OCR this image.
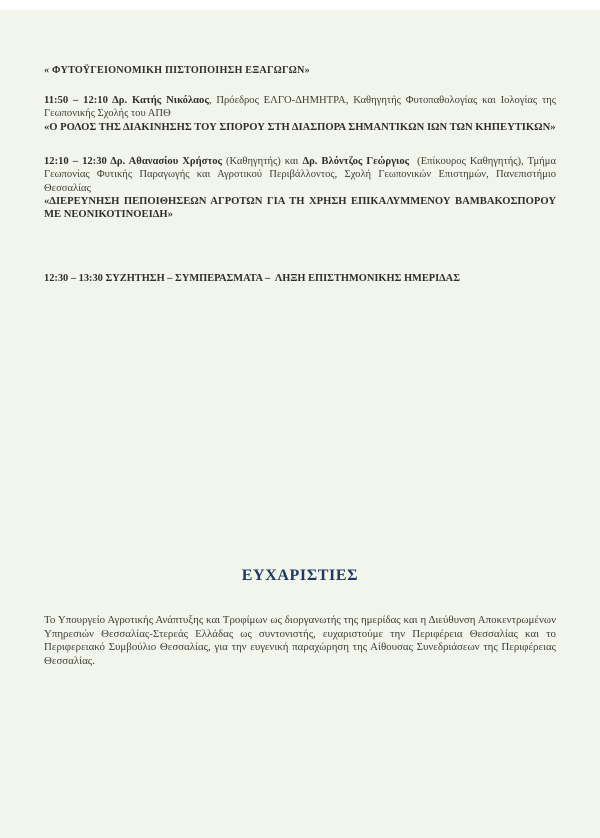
« ΦΥΤΟΫΓΕΙΟΝΟΜΙΚΗ ΠΙΣΤΟΠΟΙΗΣΗ ΕΞΑΓΩΓΩΝ»

11:50 – 12:10 Δρ. Κατής Νικόλαος, Πρόεδρος ΕΛΓΟ-ΔΗΜΗΤΡΑ, Καθηγητής Φυτοπαθολογίας και Ιολογίας της Γεωπονικής Σχολής του ΑΠΘ

«Ο ΡΟΛΟΣ ΤΗΣ ΔΙΑΚΙΝΗΣΗΣ ΤΟΥ ΣΠΟΡΟΥ ΣΤΗ ΔΙΑΣΠΟΡΑ ΣΗΜΑΝΤΙΚΩΝ ΙΩΝ ΤΩΝ ΚΗΠΕΥΤΙΚΩΝ»

12:10 – 12:30 Δρ. Αθανασίου Χρήστος (Καθηγητής) και Δρ. Βλόντζος Γεώργιος  (Επίκουρος Καθηγητής), Τμήμα Γεωπονίας Φυτικής Παραγωγής και Αγροτικού Περιβάλλοντος, Σχολή Γεωπονικών Επιστημών, Πανεπιστήμιο Θεσσαλίας

«ΔΙΕΡΕΥΝΗΣΗ ΠΕΠΟΙΘΗΣΕΩΝ ΑΓΡΟΤΩΝ ΓΙΑ ΤΗ ΧΡΗΣΗ ΕΠΙΚΑΛΥΜΜΕΝΟΥ ΒΑΜΒΑΚΟΣΠΟΡΟΥ ΜΕ ΝΕΟΝΙΚΟΤΙΝΟΕΙΔΗ»

12:30 – 13:30 ΣΥΖΗΤΗΣΗ – ΣΥΜΠΕΡΑΣΜΑΤΑ –  ΛΗΞΗ ΕΠΙΣΤΗΜΟΝΙΚΗΣ ΗΜΕΡΙΔΑΣ
ΕΥΧΑΡΙΣΤΙΕΣ
Το Υπουργείο Αγροτικής Ανάπτυξης και Τροφίμων ως διοργανωτής της ημερίδας και η Διεύθυνση Αποκεντρωμένων Υπηρεσιών Θεσσαλίας-Στερεάς Ελλάδας ως συντονιστής, ευχαριστούμε την Περιφέρεια Θεσσαλίας και το Περιφερειακό Συμβούλιο Θεσσαλίας, για την ευγενική παραχώρηση της Αίθουσας Συνεδριάσεων της Περιφέρειας Θεσσαλίας.
